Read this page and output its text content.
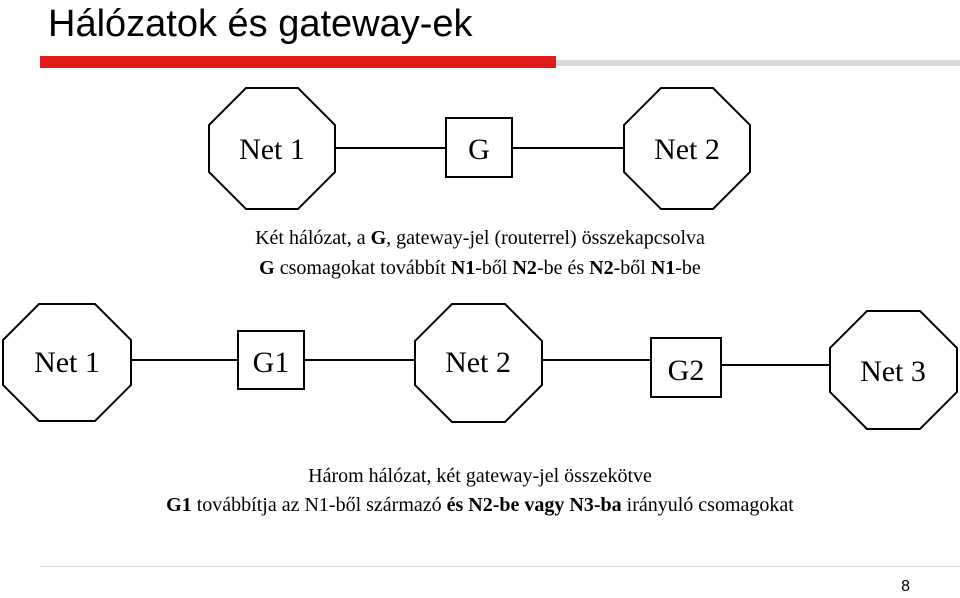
Hálózatok és gateway-ek
Net 1	G	Net 2
Net 1	G1	Net 2	G2	Net 3
Két hálózat, a G, gateway-jel (routerrel) összekapcsolva
G csomagokat továbbít N1-ből N2-be és N2-ből N1-be
Három hálózat, két gateway-jel összekötve
G1 továbbítja az N1-ből származó és N2-be vagy N3-ba irányuló csomagokat
8
